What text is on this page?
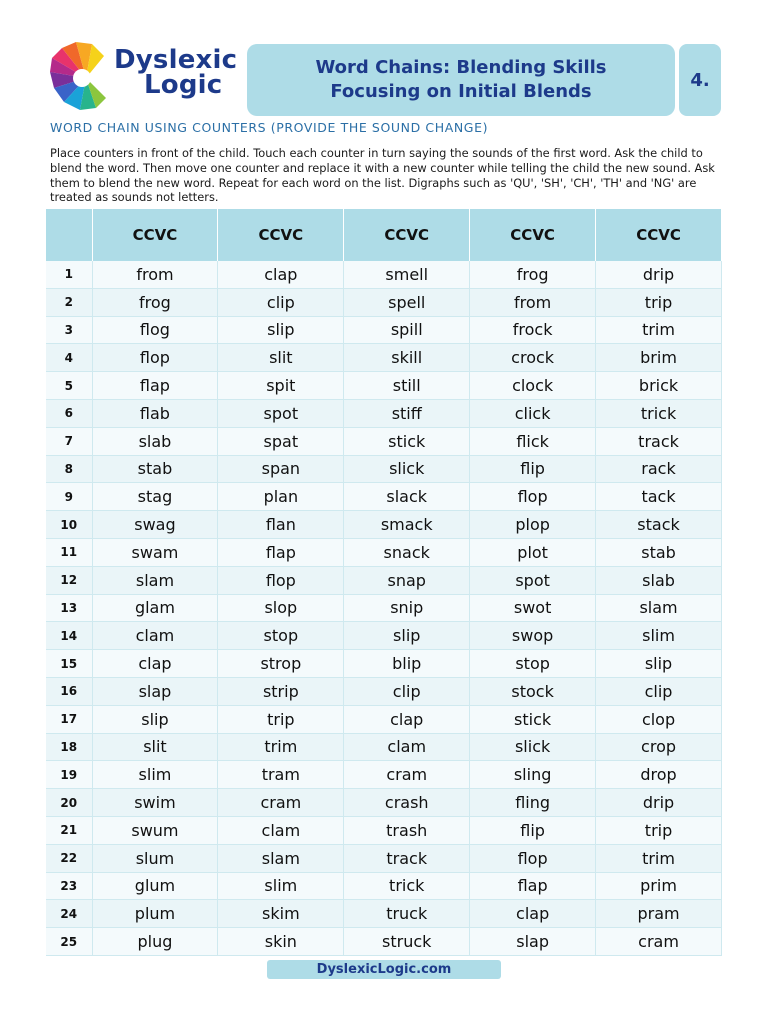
Dyslexic
Logic
Word Chains: Blending Skills
Focusing on Initial Blends
4.
WORD CHAIN USING COUNTERS (PROVIDE THE SOUND CHANGE)
Place counters in front of the child. Touch each counter in turn saying the sounds of the first word. Ask the child to blend the word. Then move one counter and replace it with a new counter while telling the child the new sound. Ask them to blend the new word. Repeat for each word on the list. Digraphs such as 'QU', 'SH', 'CH', 'TH' and 'NG' are treated as sounds not letters.
	CCVC	CCVC	CCVC	CCVC	CCVC
1	from	clap	smell	frog	drip
2	frog	clip	spell	from	trip
3	flog	slip	spill	frock	trim
4	flop	slit	skill	crock	brim
5	flap	spit	still	clock	brick
6	flab	spot	stiff	click	trick
7	slab	spat	stick	flick	track
8	stab	span	slick	flip	rack
9	stag	plan	slack	flop	tack
10	swag	flan	smack	plop	stack
11	swam	flap	snack	plot	stab
12	slam	flop	snap	spot	slab
13	glam	slop	snip	swot	slam
14	clam	stop	slip	swop	slim
15	clap	strop	blip	stop	slip
16	slap	strip	clip	stock	clip
17	slip	trip	clap	stick	clop
18	slit	trim	clam	slick	crop
19	slim	tram	cram	sling	drop
20	swim	cram	crash	fling	drip
21	swum	clam	trash	flip	trip
22	slum	slam	track	flop	trim
23	glum	slim	trick	flap	prim
24	plum	skim	truck	clap	pram
25	plug	skin	struck	slap	cram
DyslexicLogic.com
